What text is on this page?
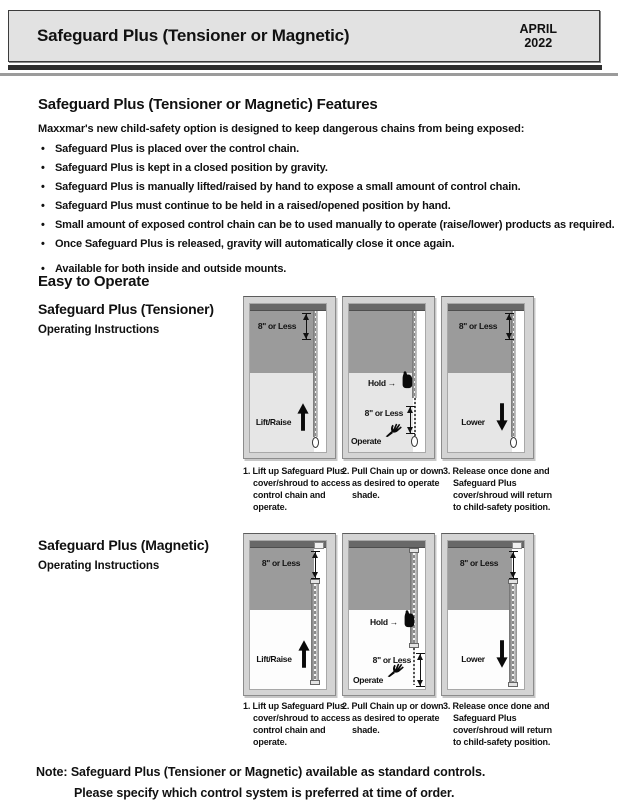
Safeguard Plus (Tensioner or Magnetic)	APRIL
2022
Safeguard Plus (Tensioner or Magnetic) Features
Maxxmar's new child-safety option is designed to keep dangerous chains from being exposed:
• Safeguard Plus is placed over the control chain.
• Safeguard Plus is kept in a closed position by gravity.
• Safeguard Plus is manually lifted/raised by hand to expose a small amount of control chain.
• Safeguard Plus must continue to be held in a raised/opened position by hand.
• Small amount of exposed control chain can be to used manually to operate (raise/lower) products as required.
• Once Safeguard Plus is released, gravity will automatically close it once again.
• Available for both inside and outside mounts.
Easy to Operate
Safeguard Plus (Tensioner)
Operating Instructions	8" or Less
Lift/Raise
Hold →
8" or Less
Operate
8" or Less
Lower
1. Lift up Safeguard Plus cover/shroud to access control chain and operate.
2. Pull Chain up or down as desired to operate shade.
3. Release once done and Safeguard Plus cover/shroud will return to child-safety position.
Safeguard Plus (Magnetic)
Operating Instructions	8" or Less
Lift/Raise
Hold →
8" or Less
Operate
8" or Less
Lower
1. Lift up Safeguard Plus cover/shroud to access control chain and operate.
2. Pull Chain up or down as desired to operate shade.
3. Release once done and Safeguard Plus cover/shroud will return to child-safety position.
Note: Safeguard Plus (Tensioner or Magnetic) available as standard controls.
Please specify which control system is preferred at time of order.
